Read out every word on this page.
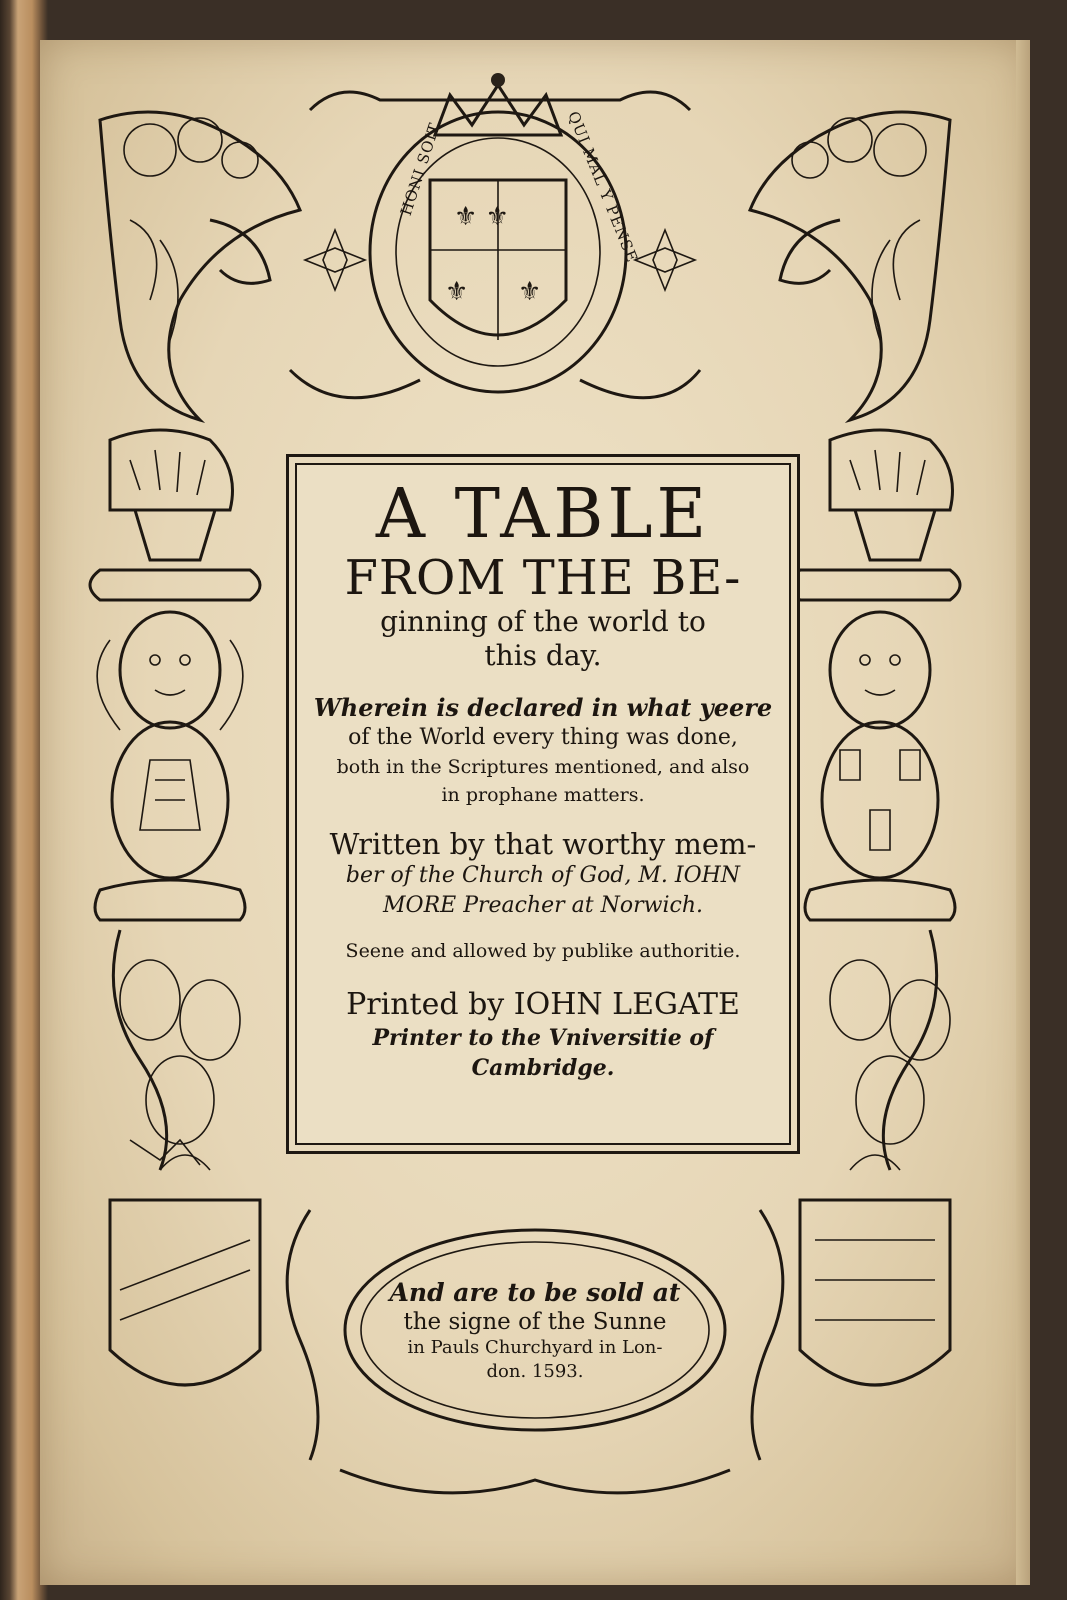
⚜ ⚜
⚜ ⚜
HONI SOIT	QUI MAL Y PENSE

A TABLE

FROM THE BE-

ginning of the world to

this day.

Wherein is declared in what yeere

of the World every thing was done,

both in the Scriptures mentioned, and also

in prophane matters.

Written by that worthy mem-

ber of the Church of God, M. IOHN

MORE Preacher at Norwich.

Seene and allowed by publike authoritie.

Printed by IOHN LEGATE

Printer to the Vniversitie of Cambridge.

And are to be sold at

the signe of the Sunne

in Pauls Churchyard in Lon-

don. 1593.
